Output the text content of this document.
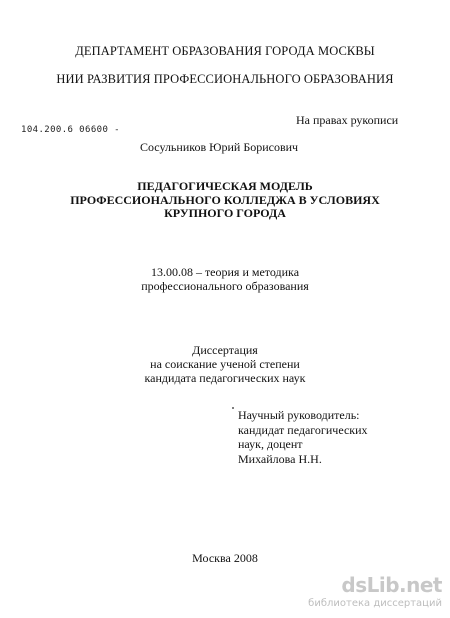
ДЕПАРТАМЕНТ ОБРАЗОВАНИЯ ГОРОДА МОСКВЫ
НИИ РАЗВИТИЯ ПРОФЕССИОНАЛЬНОГО ОБРАЗОВАНИЯ
104.200.6 06600 -
На правах рукописи
Сосульников Юрий Борисович
ПЕДАГОГИЧЕСКАЯ МОДЕЛЬ
ПРОФЕССИОНАЛЬНОГО КОЛЛЕДЖА В УСЛОВИЯХ
КРУПНОГО ГОРОДА
13.00.08 – теория и методика
профессионального образования
Диссертация
на соискание ученой степени
кандидата педагогических наук
Научный руководитель:
кандидат педагогических
наук, доцент
Михайлова Н.Н.
Москва 2008
dsLib.net
библиотека диссертаций
